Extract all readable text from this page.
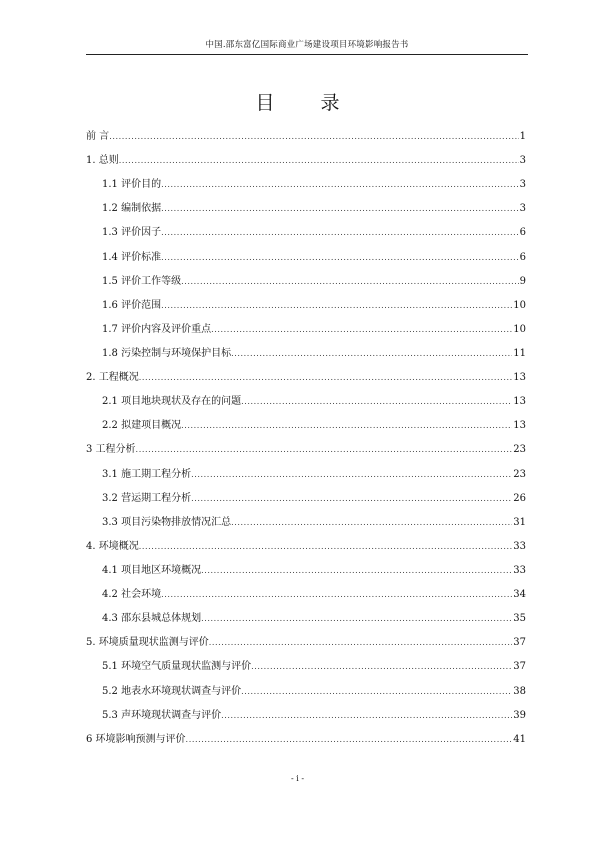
中国.邵东富亿国际商业广场建设项目环境影响报告书
目 录
前 言 .....	1
1. 总则 .....	3
1.1 评价目的 .....	3
1.2 编制依据 .....	3
1.3 评价因子 .....	6
1.4 评价标准 .....	6
1.5 评价工作等级 .....	9
1.6 评价范围 .....	10
1.7 评价内容及评价重点 .....	10
1.8 污染控制与环境保护目标 .....	11
2. 工程概况 .....	13
2.1 项目地块现状及存在的问题 .....	13
2.2 拟建项目概况 .....	13
3 工程分析 .....	23
3.1 施工期工程分析 .....	23
3.2 营运期工程分析 .....	26
3.3 项目污染物排放情况汇总 .....	31
4. 环境概况 .....	33
4.1 项目地区环境概况 .....	33
4.2 社会环境 .....	34
4.3 邵东县城总体规划 .....	35
5. 环境质量现状监测与评价 .....	37
5.1 环境空气质量现状监测与评价 .....	37
5.2 地表水环境现状调查与评价 .....	38
5.3 声环境现状调查与评价 .....	39
6 环境影响预测与评价 .....	41
- i -
